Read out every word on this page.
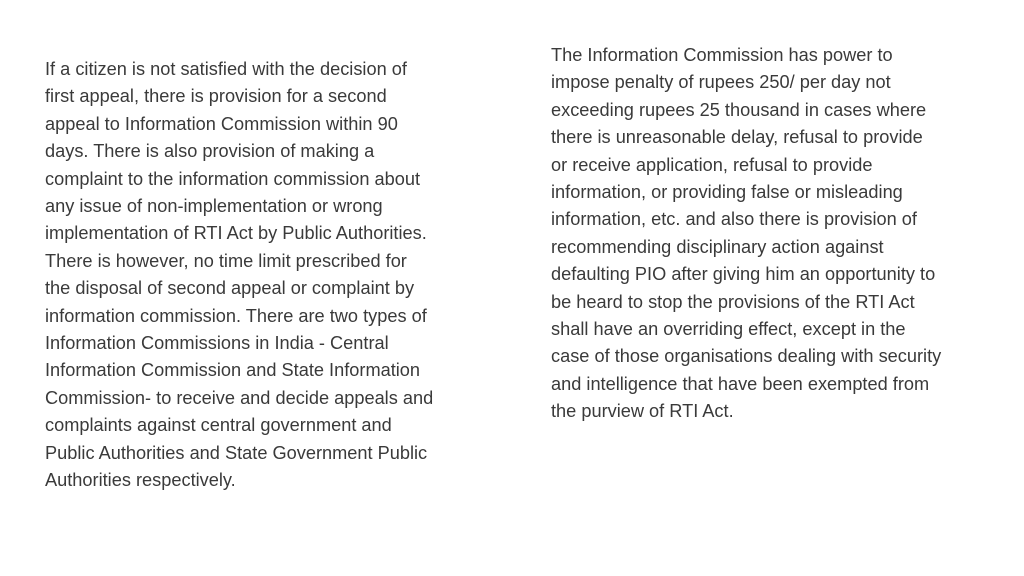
If a citizen is not satisfied with the decision of
first appeal, there is provision for a second
appeal to Information Commission within 90
days. There is also provision of making a
complaint to the information commission about
any issue of non-implementation or wrong
implementation of RTI Act by Public Authorities.
There is however, no time limit prescribed for
the disposal of second appeal or complaint by
information commission. There are two types of
Information Commissions in India - Central
Information Commission and State Information
Commission- to receive and decide appeals and
complaints against central government and
Public Authorities and State Government Public
Authorities respectively.

The Information Commission has power to
impose penalty of rupees 250/ per day not
exceeding rupees 25 thousand in cases where
there is unreasonable delay, refusal to provide
or receive application, refusal to provide
information, or providing false or misleading
information, etc. and also there is provision of
recommending disciplinary action against
defaulting PIO after giving him an opportunity to
be heard to stop the provisions of the RTI Act
shall have an overriding effect, except in the
case of those organisations dealing with security
and intelligence that have been exempted from
the purview of RTI Act.
